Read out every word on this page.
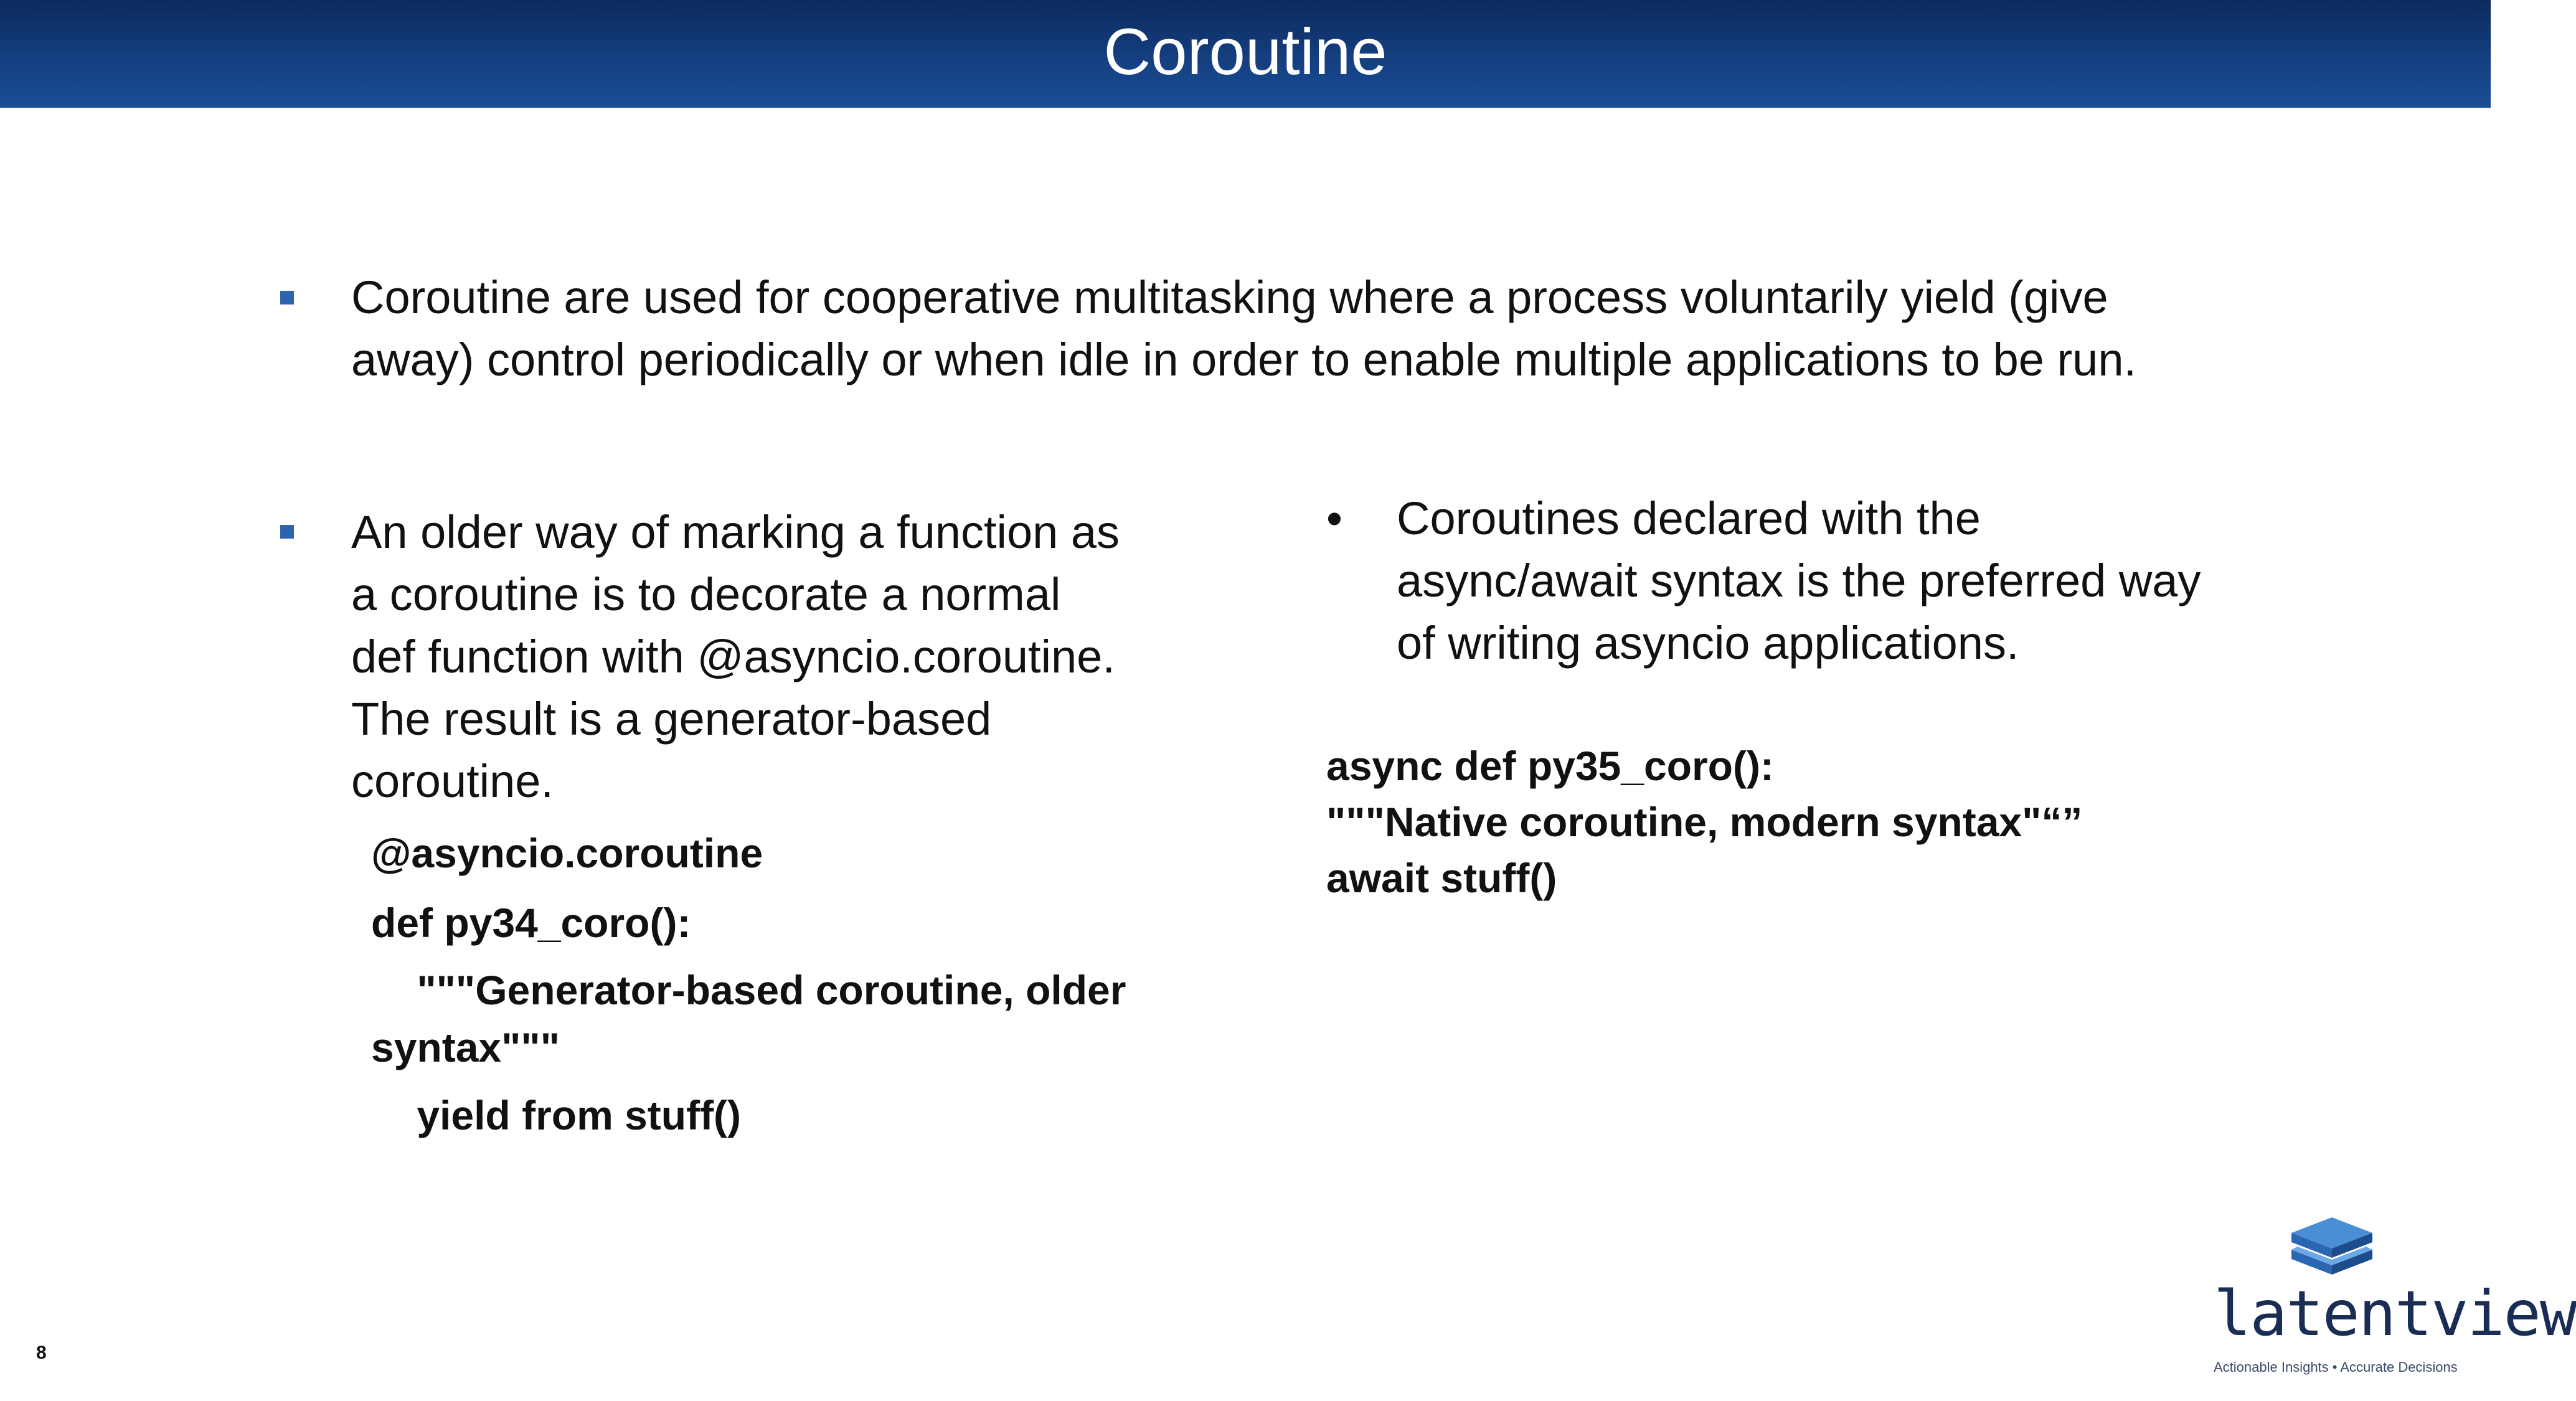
Coroutine
Coroutine are used for cooperative multitasking where a process voluntarily yield (give
away) control periodically or when idle in order to enable multiple applications to be run.
An older way of marking a function as
a coroutine is to decorate a normal
def function with @asyncio.coroutine.
The result is a generator-based
coroutine.
@asyncio.coroutine
def py34_coro():
"""Generator-based coroutine, older
syntax"""
yield from stuff()
• Coroutines declared with the
async/await syntax is the preferred way
of writing asyncio applications.
async def py35_coro():
"""Native coroutine, modern syntax"“”
await stuff()
8
latentview
Actionable Insights • Accurate Decisions
